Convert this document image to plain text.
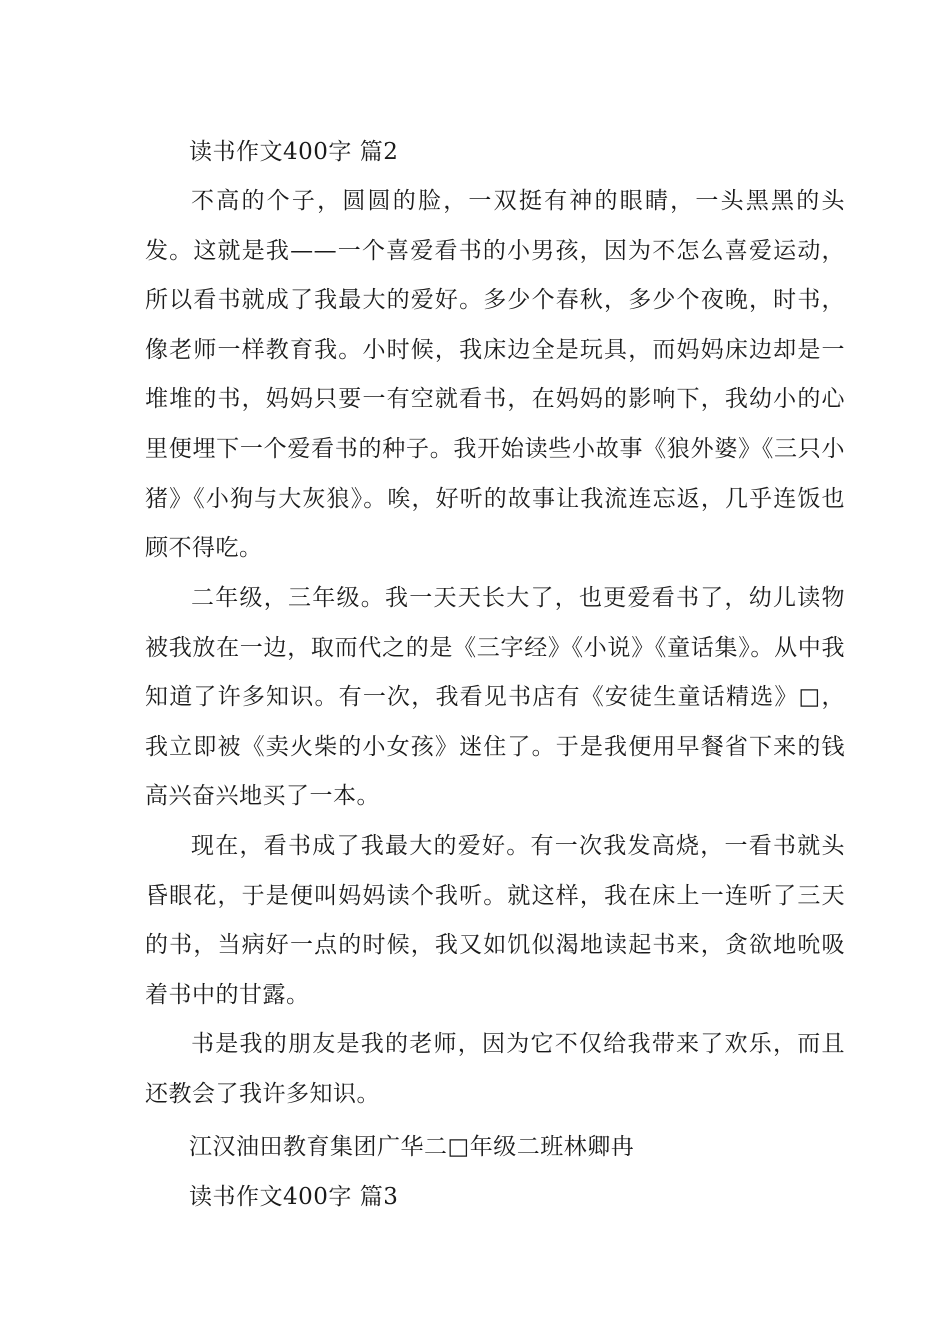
读书作文400字 篇2

不高的个子，圆圆的脸，一双挺有神的眼睛，一头黑黑的头发。这就是我——一个喜爱看书的小男孩，因为不怎么喜爱运动，所以看书就成了我最大的爱好。多少个春秋，多少个夜晚，时书，像老师一样教育我。小时候，我床边全是玩具，而妈妈床边却是一堆堆的书，妈妈只要一有空就看书，在妈妈的影响下，我幼小的心里便埋下一个爱看书的种子。我开始读些小故事《狼外婆》《三只小猪》《小狗与大灰狼》。唉，好听的故事让我流连忘返，几乎连饭也顾不得吃。

二年级，三年级。我一天天长大了，也更爱看书了，幼儿读物被我放在一边，取而代之的是《三字经》《小说》《童话集》。从中我知道了许多知识。有一次，我看见书店有《安徒生童话精选》□，我立即被《卖火柴的小女孩》迷住了。于是我便用早餐省下来的钱高兴奋兴地买了一本。

现在，看书成了我最大的爱好。有一次我发高烧，一看书就头昏眼花，于是便叫妈妈读个我听。就这样，我在床上一连听了三天的书，当病好一点的时候，我又如饥似渴地读起书来，贪欲地吮吸着书中的甘露。

书是我的朋友是我的老师，因为它不仅给我带来了欢乐，而且还教会了我许多知识。

江汉油田教育集团广华二□年级二班林卿冉

读书作文400字 篇3
